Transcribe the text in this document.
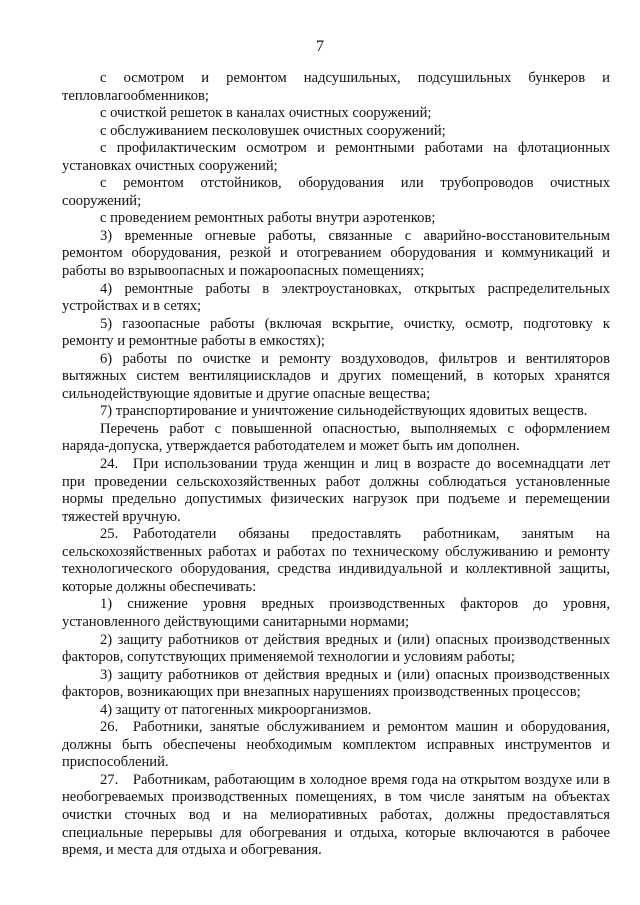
7

с осмотром и ремонтом надсушильных, подсушильных бункеров и тепловлагообменников;

с очисткой решеток в каналах очистных сооружений;

с обслуживанием песколовушек очистных сооружений;

с профилактическим осмотром и ремонтными работами на флотационных установках очистных сооружений;

с ремонтом отстойников, оборудования или трубопроводов очистных сооружений;

с проведением ремонтных работы внутри аэротенков;

3) временные огневые работы, связанные с аварийно-восстановительным ремонтом оборудования, резкой и отогреванием оборудования и коммуникаций и работы во взрывоопасных и пожароопасных помещениях;

4) ремонтные работы в электроустановках, открытых распределительных устройствах и в сетях;

5) газоопасные работы (включая вскрытие, очистку, осмотр, подготовку к ремонту и ремонтные работы в емкостях);

6) работы по очистке и ремонту воздуховодов, фильтров и вентиляторов вытяжных систем вентиляциискладов и других помещений, в которых хранятся сильнодействующие ядовитые и другие опасные вещества;

7) транспортирование и уничтожение сильнодействующих ядовитых веществ.

Перечень работ с повышенной опасностью, выполняемых с оформлением наряда-допуска, утверждается работодателем и может быть им дополнен.

24. При использовании труда женщин и лиц в возрасте до восемнадцати лет при проведении сельскохозяйственных работ должны соблюдаться установленные нормы предельно допустимых физических нагрузок при подъеме и перемещении тяжестей вручную.

25. Работодатели обязаны предоставлять работникам, занятым на сельскохозяйственных работах и работах по техническому обслуживанию и ремонту технологического оборудования, средства индивидуальной и коллективной защиты, которые должны обеспечивать:

1) снижение уровня вредных производственных факторов до уровня, установленного действующими санитарными нормами;

2) защиту работников от действия вредных и (или) опасных производственных факторов, сопутствующих применяемой технологии и условиям работы;

3) защиту работников от действия вредных и (или) опасных производственных факторов, возникающих при внезапных нарушениях производственных процессов;

4) защиту от патогенных микроорганизмов.

26. Работники, занятые обслуживанием и ремонтом машин и оборудования, должны быть обеспечены необходимым комплектом исправных инструментов и приспособлений.

27. Работникам, работающим в холодное время года на открытом воздухе или в необогреваемых производственных помещениях, в том числе занятым на объектах очистки сточных вод и на мелиоративных работах, должны предоставляться специальные перерывы для обогревания и отдыха, которые включаются в рабочее время, и места для отдыха и обогревания.
